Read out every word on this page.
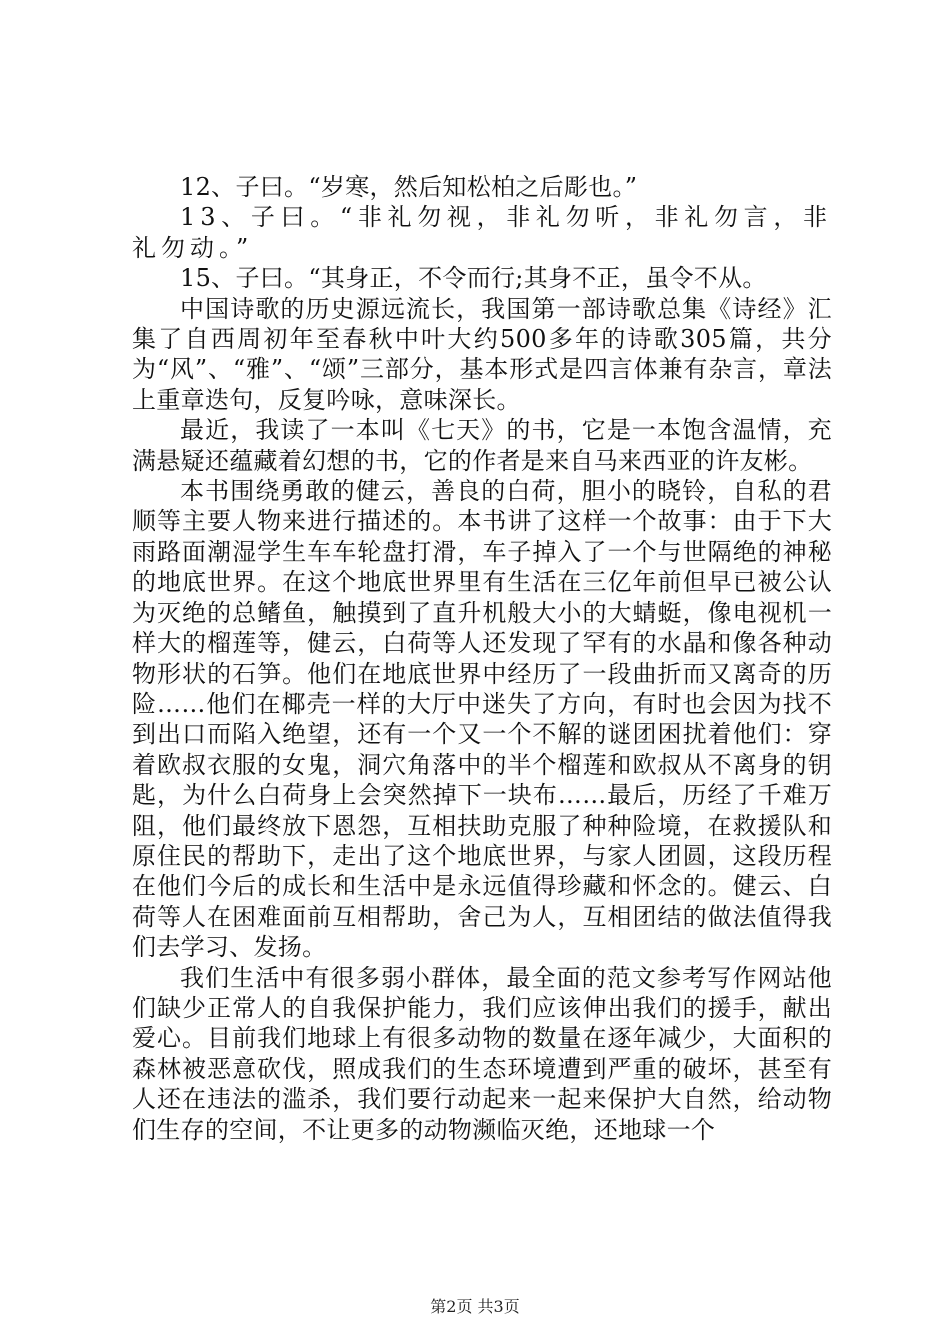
12、子曰。“岁寒，然后知松柏之后彫也。”

13、子曰。“非礼勿视，非礼勿听，非礼勿言，非礼勿动。”

15、子曰。“其身正，不令而行;其身不正，虽令不从。

中国诗歌的历史源远流长，我国第一部诗歌总集《诗经》汇集了自西周初年至春秋中叶大约500多年的诗歌305篇，共分为“风”、“雅”、“颂”三部分，基本形式是四言体兼有杂言，章法上重章迭句，反复吟咏，意味深长。

最近，我读了一本叫《七天》的书，它是一本饱含温情，充满悬疑还蕴藏着幻想的书，它的作者是来自马来西亚的许友彬。

本书围绕勇敢的健云，善良的白荷，胆小的晓铃，自私的君顺等主要人物来进行描述的。本书讲了这样一个故事：由于下大雨路面潮湿学生车车轮盘打滑，车子掉入了一个与世隔绝的神秘的地底世界。在这个地底世界里有生活在三亿年前但早已被公认为灭绝的总鳍鱼，触摸到了直升机般大小的大蜻蜓，像电视机一样大的榴莲等，健云，白荷等人还发现了罕有的水晶和像各种动物形状的石笋。他们在地底世界中经历了一段曲折而又离奇的历险……他们在椰壳一样的大厅中迷失了方向，有时也会因为找不到出口而陷入绝望，还有一个又一个不解的谜团困扰着他们：穿着欧叔衣服的女鬼，洞穴角落中的半个榴莲和欧叔从不离身的钥匙，为什么白荷身上会突然掉下一块布……最后，历经了千难万阻，他们最终放下恩怨，互相扶助克服了种种险境，在救援队和原住民的帮助下，走出了这个地底世界，与家人团圆，这段历程在他们今后的成长和生活中是永远值得珍藏和怀念的。健云、白荷等人在困难面前互相帮助，舍己为人，互相团结的做法值得我们去学习、发扬。

我们生活中有很多弱小群体，最全面的范文参考写作网站他们缺少正常人的自我保护能力，我们应该伸出我们的援手，献出爱心。目前我们地球上有很多动物的数量在逐年减少，大面积的森林被恶意砍伐，照成我们的生态环境遭到严重的破坏，甚至有人还在违法的滥杀，我们要行动起来一起来保护大自然，给动物们生存的空间，不让更多的动物濒临灭绝，还地球一个

第2页 共3页
